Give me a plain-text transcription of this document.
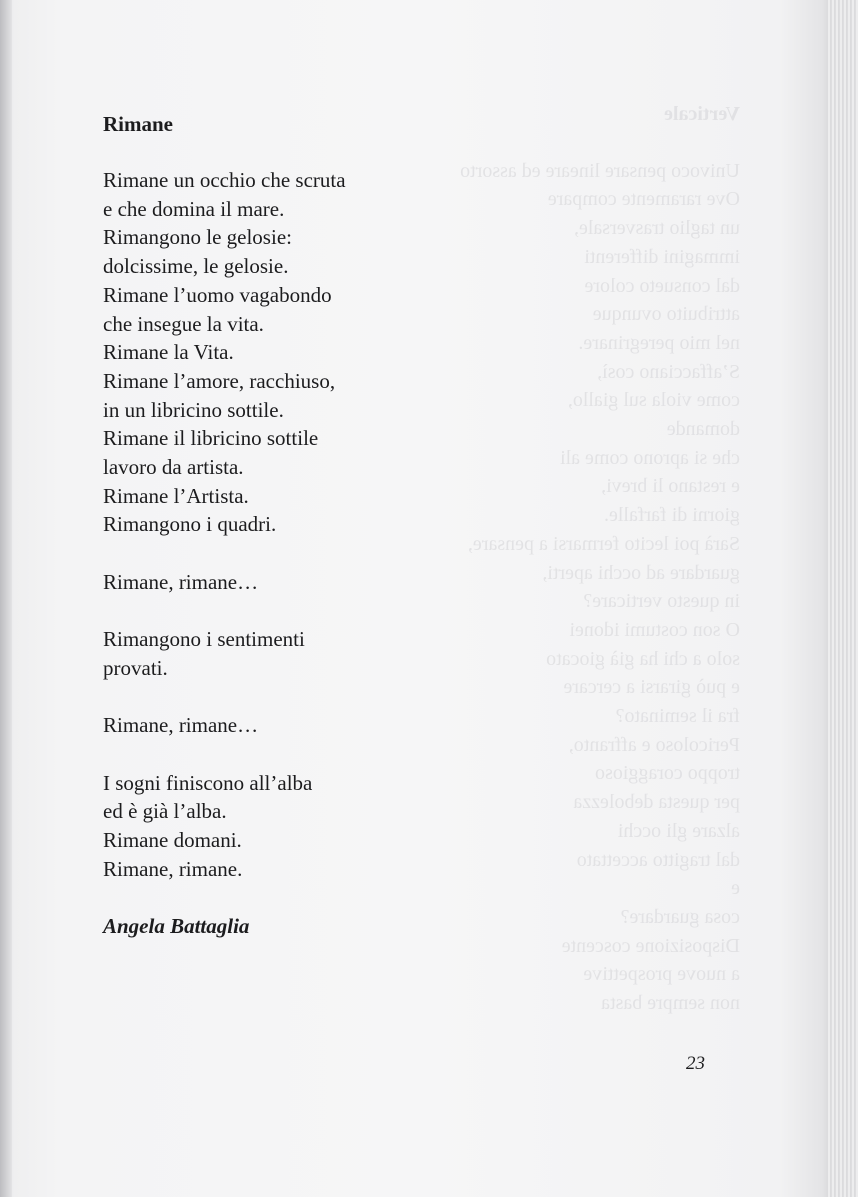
Verticale
Univoco pensare lineare ed assorto
Ove raramente compare
un taglio trasversale,
immagini differenti
dal consueto colore
attribuito ovunque
nel mio peregrinare.
S’affacciano così,
come viola sul giallo,
domande
che si aprono come ali
e restano li brevi,
giorni di farfalle.
Sarà poi lecito fermarsi a pensare,
guardare ad occhi aperti,
in questo verticare?
O son costumi idonei
solo a chi ha già giocato
e può girarsi a cercare
fra il seminato?
Pericoloso e affranto,
troppo coraggioso
per questa debolezza
alzare gli occhi
dal tragitto accettato
e
cosa guardare?
Disposizione coscente
a nuove prospettive
non sempre basta
Rimane
Rimane un occhio che scruta
e che domina il mare.
Rimangono le gelosie:
dolcissime, le gelosie.
Rimane l’uomo vagabondo
che insegue la vita.
Rimane la Vita.
Rimane l’amore, racchiuso,
in un libricino sottile.
Rimane il libricino sottile
lavoro da artista.
Rimane l’Artista.
Rimangono i quadri.
Rimane, rimane…
Rimangono i sentimenti
provati.
Rimane, rimane…
I sogni finiscono all’alba
ed è già l’alba.
Rimane domani.
Rimane, rimane.
Angela Battaglia
23
